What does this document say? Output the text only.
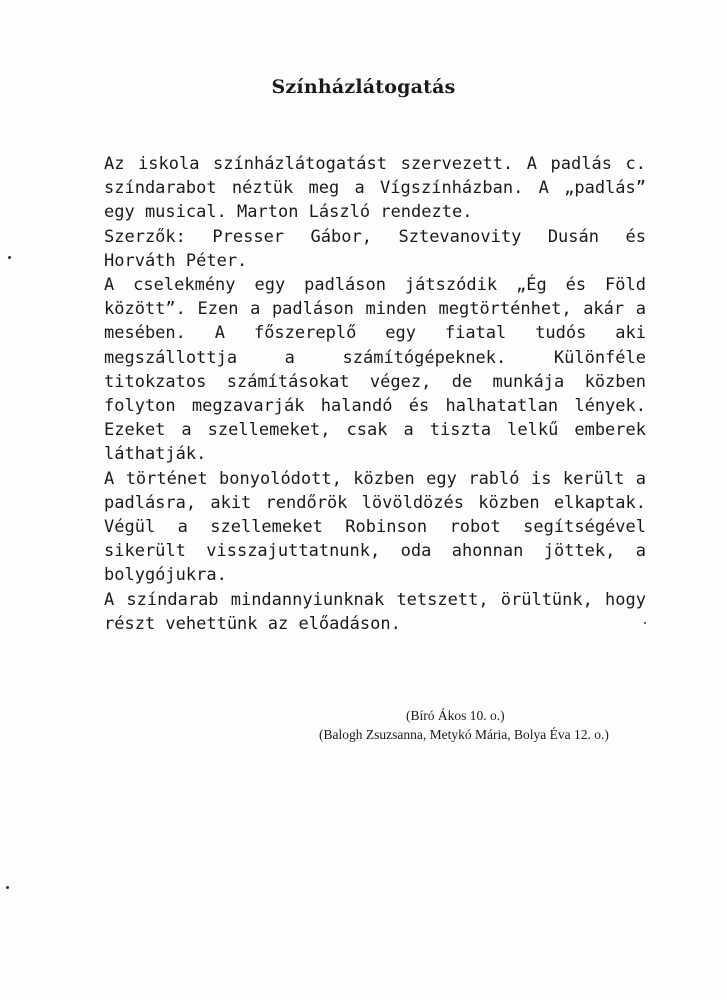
Színházlátogatás

Az iskola színházlátogatást szervezett. A padlás c. színdarabot néztük meg a Vígszínházban. A „padlás” egy musical. Marton László rendezte.

Szerzők: Presser Gábor, Sztevanovity Dusán és Horváth Péter.

A cselekmény egy padláson játszódik „Ég és Föld között”. Ezen a padláson minden megtörténhet, akár a mesében. A főszereplő egy fiatal tudós aki megszállottja a számítógépeknek. Különféle titokzatos számításokat végez, de munkája közben folyton megzavarják halandó és halhatatlan lények. Ezeket a szellemeket, csak a tiszta lelkű emberek láthatják.

A történet bonyolódott, közben egy rabló is került a padlásra, akit rendőrök lövöldözés közben elkaptak. Végül a szellemeket Robinson robot segítségével sikerült visszajuttatnunk, oda ahonnan jöttek, a bolygójukra.

A színdarab mindannyiunknak tetszett, örültünk, hogy részt vehettünk az előadáson.

(Bíró Ákos 10. o.)

(Balogh Zsuzsanna, Metykó Mária, Bolya Éva 12. o.)
